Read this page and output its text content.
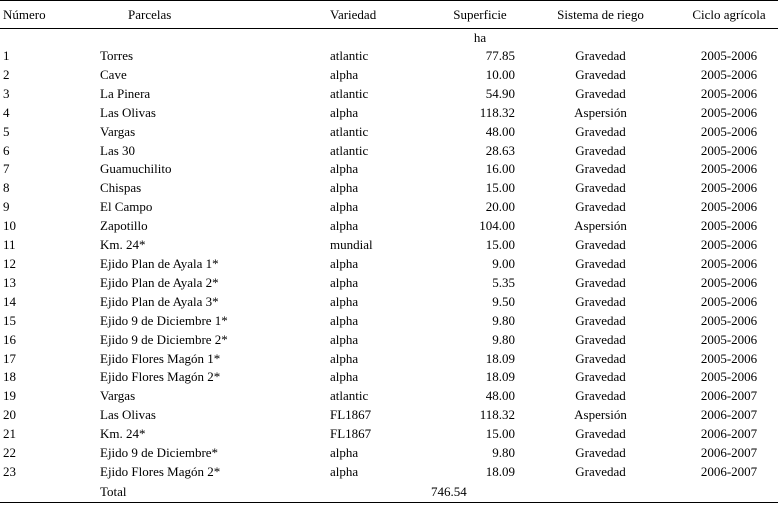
Número	Parcelas	Variedad	Superficie	Sistema de riego	Ciclo agrícola
			ha		
1	Torres	atlantic	77.85	Gravedad	2005-2006
2	Cave	alpha	10.00	Gravedad	2005-2006
3	La Pinera	atlantic	54.90	Gravedad	2005-2006
4	Las Olivas	alpha	118.32	Aspersión	2005-2006
5	Vargas	atlantic	48.00	Gravedad	2005-2006
6	Las 30	atlantic	28.63	Gravedad	2005-2006
7	Guamuchilito	alpha	16.00	Gravedad	2005-2006
8	Chispas	alpha	15.00	Gravedad	2005-2006
9	El Campo	alpha	20.00	Gravedad	2005-2006
10	Zapotillo	alpha	104.00	Aspersión	2005-2006
11	Km. 24*	mundial	15.00	Gravedad	2005-2006
12	Ejido Plan de Ayala 1*	alpha	9.00	Gravedad	2005-2006
13	Ejido Plan de Ayala 2*	alpha	5.35	Gravedad	2005-2006
14	Ejido Plan de Ayala 3*	alpha	9.50	Gravedad	2005-2006
15	Ejido 9 de Diciembre 1*	alpha	9.80	Gravedad	2005-2006
16	Ejido 9 de Diciembre 2*	alpha	9.80	Gravedad	2005-2006
17	Ejido Flores Magón 1*	alpha	18.09	Gravedad	2005-2006
18	Ejido Flores Magón 2*	alpha	18.09	Gravedad	2005-2006
19	Vargas	atlantic	48.00	Gravedad	2006-2007
20	Las Olivas	FL1867	118.32	Aspersión	2006-2007
21	Km. 24*	FL1867	15.00	Gravedad	2006-2007
22	Ejido 9 de Diciembre*	alpha	9.80	Gravedad	2006-2007
23	Ejido Flores Magón 2*	alpha	18.09	Gravedad	2006-2007
	Total		746.54		
